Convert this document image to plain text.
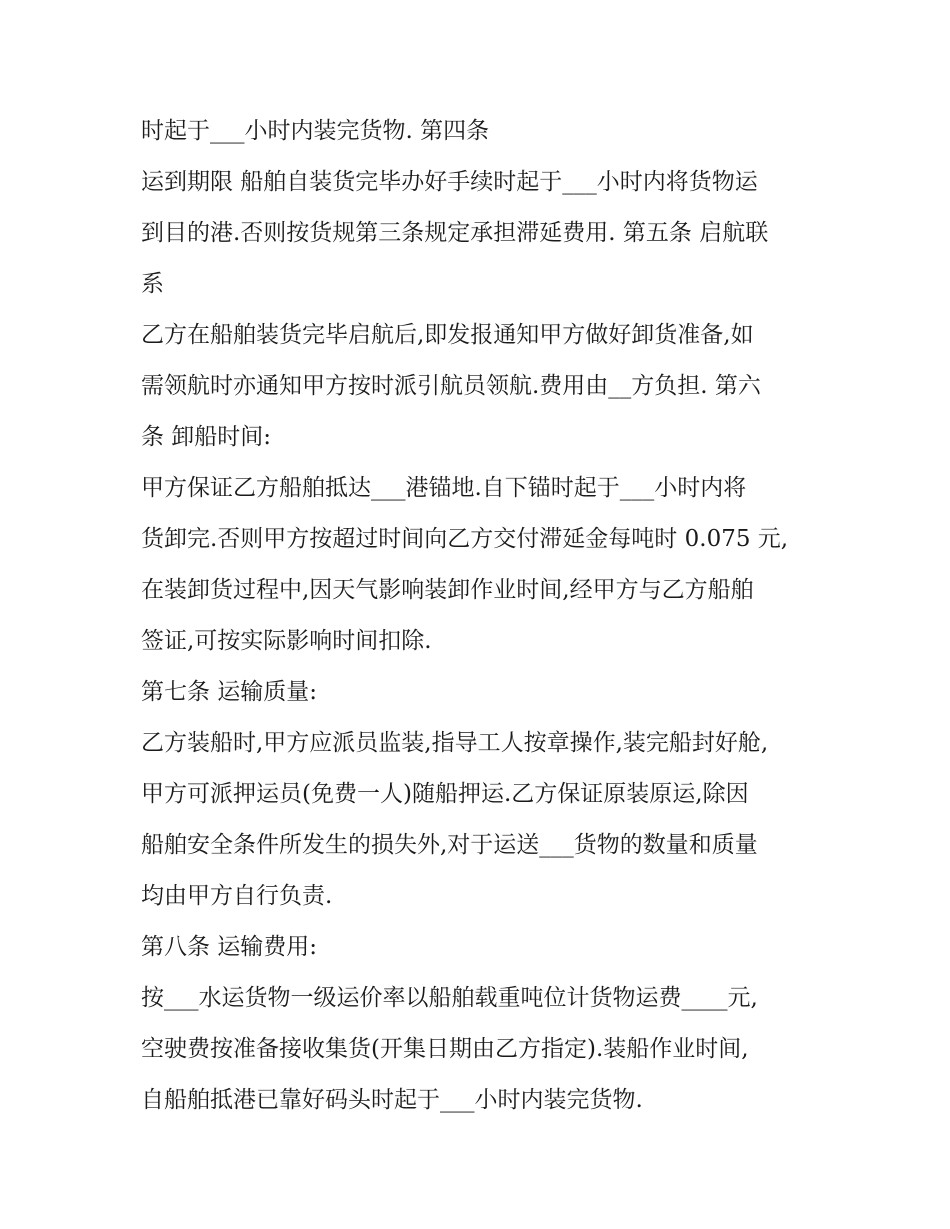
时起于___小时内装完货物. 第四条
运到期限 船舶自装货完毕办好手续时起于___小时内将货物运
到目的港.否则按货规第三条规定承担滞延费用. 第五条 启航联
系
乙方在船舶装货完毕启航后,即发报通知甲方做好卸货准备,如
需领航时亦通知甲方按时派引航员领航.费用由__方负担. 第六
条 卸船时间:
甲方保证乙方船舶抵达___港锚地.自下锚时起于___小时内将
货卸完.否则甲方按超过时间向乙方交付滞延金每吨时 0.075 元,
在装卸货过程中,因天气影响装卸作业时间,经甲方与乙方船舶
签证,可按实际影响时间扣除.
第七条 运输质量:
乙方装船时,甲方应派员监装,指导工人按章操作,装完船封好舱,
甲方可派押运员(免费一人)随船押运.乙方保证原装原运,除因
船舶安全条件所发生的损失外,对于运送___货物的数量和质量
均由甲方自行负责.
第八条 运输费用:
按___水运货物一级运价率以船舶载重吨位计货物运费____元,
空驶费按准备接收集货(开集日期由乙方指定).装船作业时间,
自船舶抵港已靠好码头时起于___小时内装完货物.
